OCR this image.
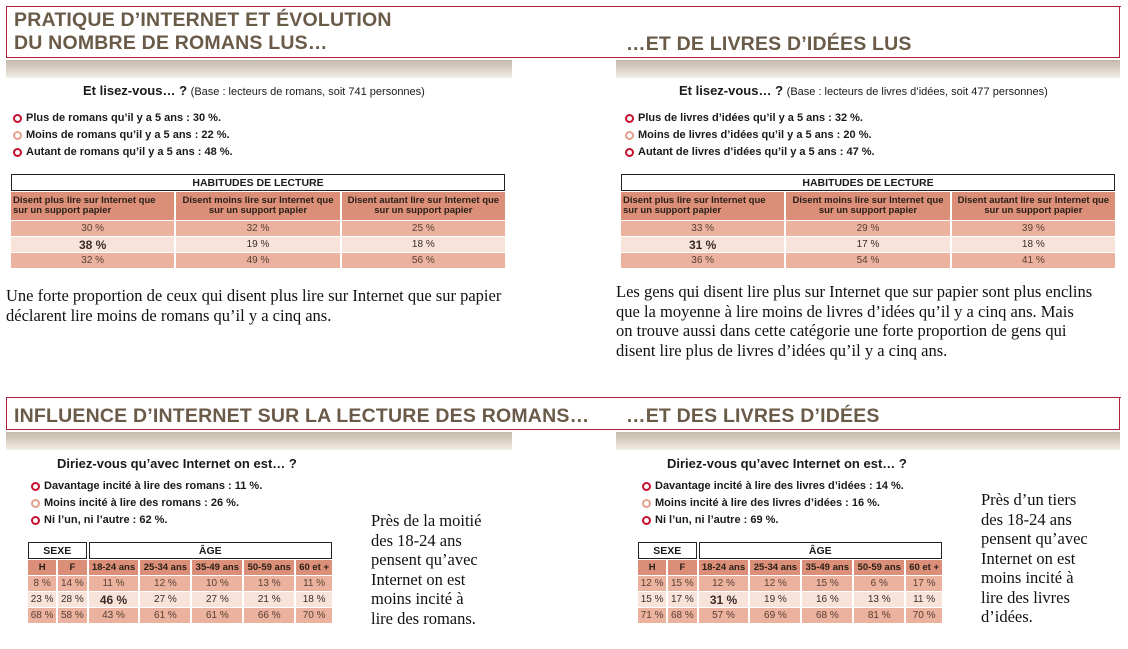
PRATIQUE D’INTERNET ET ÉVOLUTION
DU NOMBRE DE ROMANS LUS…	…ET DE LIVRES D’IDÉES LUS
Et lisez-vous… ? (Base : lecteurs de romans, soit 741 personnes)
Plus de romans qu’il y a 5 ans : 30 %.
Moins de romans qu’il y a 5 ans : 22 %.
Autant de romans qu’il y a 5 ans : 48 %.
HABITUDES DE LECTURE		
Disent plus lire sur Internet que sur un support papier	Disent moins lire sur Internet que sur un support papier	Disent autant lire sur Internet que sur un support papier
30 %	32 %	25 %
38 %	19 %	18 %
32 %	49 %	56 %
Une forte proportion de ceux qui disent plus lire sur Internet que sur papier déclarent lire moins de romans qu’il y a cinq ans.
Et lisez-vous… ? (Base : lecteurs de livres d’idées, soit 477 personnes)
Plus de livres d’idées qu’il y a 5 ans : 32 %.
Moins de livres d’idées qu’il y a 5 ans : 20 %.
Autant de livres d’idées qu’il y a 5 ans : 47 %.
HABITUDES DE LECTURE		
Disent plus lire sur Internet que sur un support papier	Disent moins lire sur Internet que sur un support papier	Disent autant lire sur Internet que sur un support papier
33 %	29 %	39 %
31 %	17 %	18 %
36 %	54 %	41 %
Les gens qui disent lire plus sur Internet que sur papier sont plus enclins que la moyenne à lire moins de livres d’idées qu’il y a cinq ans. Mais on trouve aussi dans cette catégorie une forte proportion de gens qui disent lire plus de livres d’idées qu’il y a cinq ans.
INFLUENCE D’INTERNET SUR LA LECTURE DES ROMANS… …ET DES LIVRES D’IDÉES
Diriez-vous qu’avec Internet on est… ?
Davantage incité à lire des romans : 11 %.
Moins incité à lire des romans : 26 %.
Ni l’un, ni l’autre : 62 %.
SEXE		ÂGE				
H	F	18-24 ans	25-34 ans	35-49 ans	50-59 ans	60 et +
8 %	14 %	11 %	12 %	10 %	13 %	11 %
23 %	28 %	46 %	27 %	27 %	21 %	18 %
68 %	58 %	43 %	61 %	61 %	66 %	70 %
Près de la moitié
des 18-24 ans
pensent qu’avec
Internet on est
moins incité à
lire des romans.
Diriez-vous qu’avec Internet on est… ?
Davantage incité à lire des livres d’idées : 14 %.
Moins incité à lire des livres d’idées : 16 %.
Ni l’un, ni l’autre : 69 %.
SEXE		ÂGE				
H	F	18-24 ans	25-34 ans	35-49 ans	50-59 ans	60 et +
12 %	15 %	12 %	12 %	15 %	6 %	17 %
15 %	17 %	31 %	19 %	16 %	13 %	11 %
71 %	68 %	57 %	69 %	68 %	81 %	70 %
Près d’un tiers
des 18-24 ans
pensent qu’avec
Internet on est
moins incité à
lire des livres
d’idées.
